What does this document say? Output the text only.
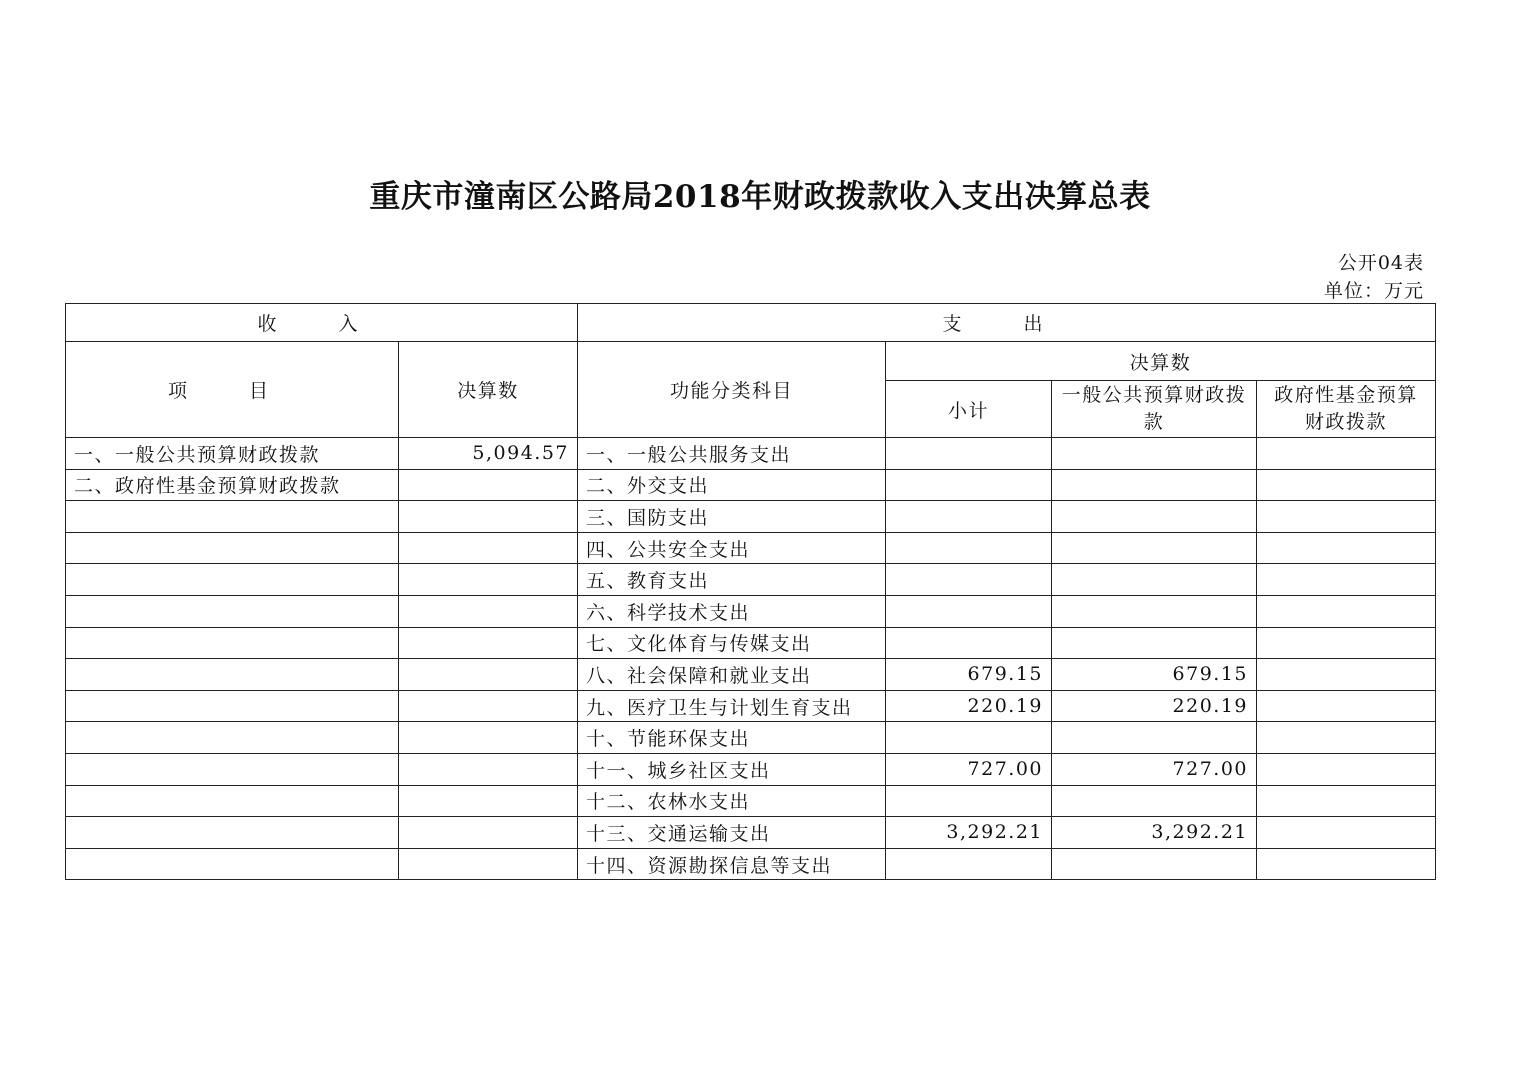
重庆市潼南区公路局2018年财政拨款收入支出决算总表
公开04表
单位：万元
收 入		支 出			
项 目	决算数	功能分类科目	决算数		
			小计	一般公共预算财政拨款	政府性基金预算财政拨款
一、一般公共预算财政拨款	5,094.57	一、一般公共服务支出			
二、政府性基金预算财政拨款		二、外交支出			
		三、国防支出			
		四、公共安全支出			
		五、教育支出			
		六、科学技术支出			
		七、文化体育与传媒支出			
		八、社会保障和就业支出	679.15	679.15	
		九、医疗卫生与计划生育支出	220.19	220.19	
		十、节能环保支出			
		十一、城乡社区支出	727.00	727.00	
		十二、农林水支出			
		十三、交通运输支出	3,292.21	3,292.21	
		十四、资源勘探信息等支出			
